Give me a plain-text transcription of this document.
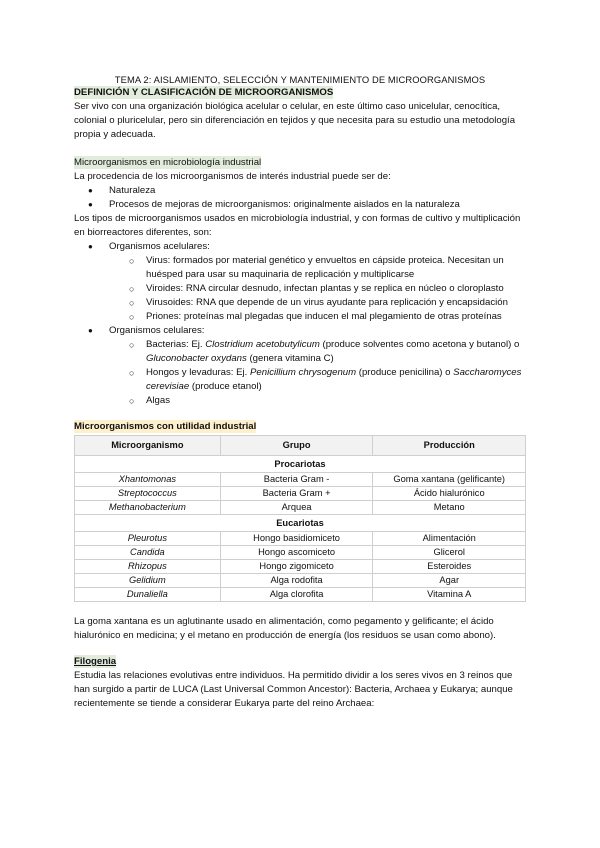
TEMA 2: AISLAMIENTO, SELECCIÓN Y MANTENIMIENTO DE MICROORGANISMOS
DEFINICIÓN Y CLASIFICACIÓN DE MICROORGANISMOS

Ser vivo con una organización biológica acelular o celular, en este último caso unicelular, cenocítica, colonial o pluricelular, pero sin diferenciación en tejidos y que necesita para su estudio una metodología propia y adecuada.

Microorganismos en microbiología industrial

La procedencia de los microorganismos de interés industrial puede ser de:

● Naturaleza
● Procesos de mejoras de microorganismos: originalmente aislados en la naturaleza

Los tipos de microorganismos usados en microbiología industrial, y con formas de cultivo y multiplicación en biorreactores diferentes, son:

● Organismos acelulares:
○ Virus: formados por material genético y envueltos en cápside proteica. Necesitan un huésped para usar su maquinaria de replicación y multiplicarse
○ Viroides: RNA circular desnudo, infectan plantas y se replica en núcleo o cloroplasto
○ Virusoides: RNA que depende de un virus ayudante para replicación y encapsidación
○ Priones: proteínas mal plegadas que inducen el mal plegamiento de otras proteínas
● Organismos celulares:
○ Bacterias: Ej. Clostridium acetobutylicum (produce solventes como acetona y butanol) o Gluconobacter oxydans (genera vitamina C)
○ Hongos y levaduras: Ej. Penicillium chrysogenum (produce penicilina) o Saccharomyces cerevisiae (produce etanol)
○ Algas
Microorganismos con utilidad industrial
Microorganismo	Grupo	Producción
Procariotas		
Xhantomonas	Bacteria Gram -	Goma xantana (gelificante)
Streptococcus	Bacteria Gram +	Ácido hialurónico
Methanobacterium	Arquea	Metano
Eucariotas		
Pleurotus	Hongo basidiomiceto	Alimentación
Candida	Hongo ascomiceto	Glicerol
Rhizopus	Hongo zigomiceto	Esteroides
Gelidium	Alga rodofita	Agar
Dunaliella	Alga clorofita	Vitamina A

La goma xantana es un aglutinante usado en alimentación, como pegamento y gelificante; el ácido hialurónico en medicina; y el metano en producción de energía (los residuos se usan como abono).

Filogenia

Estudia las relaciones evolutivas entre individuos. Ha permitido dividir a los seres vivos en 3 reinos que han surgido a partir de LUCA (Last Universal Common Ancestor): Bacteria, Archaea y Eukarya; aunque recientemente se tiende a considerar Eukarya parte del reino Archaea:
